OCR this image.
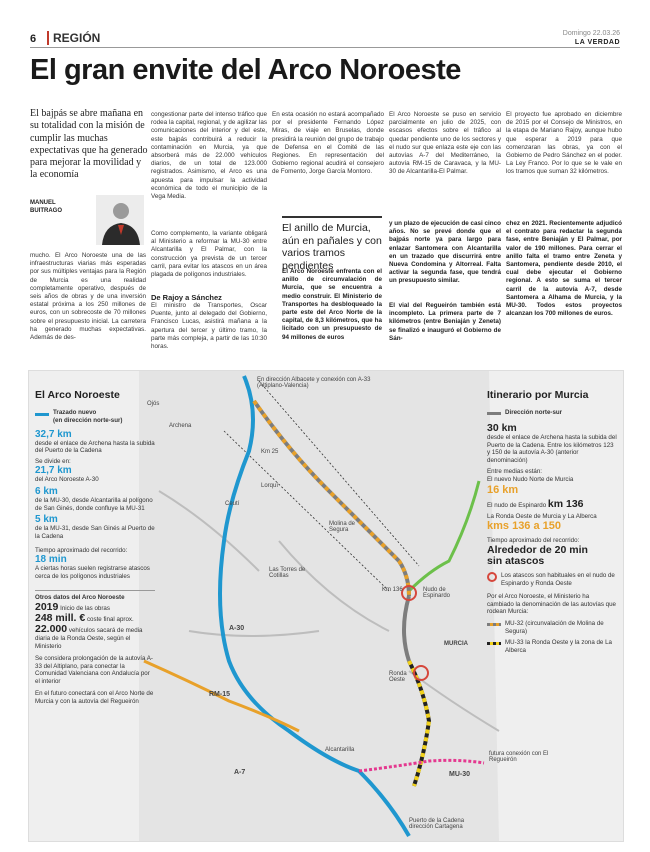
6	REGIÓN	Domingo 22.03.26
LA VERDAD
El gran envite del Arco Noroeste
El bajpás se abre mañana en su totalidad con la misión de cumplir las muchas expectativas que ha generado para mejorar la movilidad y la economía
MANUEL
BUITRAGO
mucho. El Arco Noroeste una de las infraestructuras viarias más esperadas por sus múltiples ventajas para la Región de Murcia es una realidad completamente operativo, después de seis años de obras y de una inversión estatal próxima a los 250 millones de euros, con un sobrecoste de 70 millones sobre el presupuesto inicial. La carretera ha generado muchas expectativas. Además de des-
congestionar parte del intenso tráfico que rodea la capital, regional, y de agilizar las comunicaciones del interior y del este, este bajpás contribuirá a reducir la contaminación en Murcia, ya que absorberá más de 22.000 vehículos diarios, de un total de 123.000 registrados. Asimismo, el Arco es una apuesta para impulsar la actividad económica de todo el municipio de la Vega Media.
Como complemento, la variante obligará al Ministerio a reformar la MU-30 entre Alcantarilla y El Palmar, con la construcción ya prevista de un tercer carril, para evitar los atascos en un área plagada de polígonos industriales.
De Rajoy a Sánchez
El ministro de Transportes, Óscar Puente, junto al delegado del Gobierno, Francisco Lucas, asistirá mañana a la apertura del tercer y último tramo, la parte más compleja, a partir de las 10:30 horas.
En esta ocasión no estará acompañado por el presidente Fernando López Miras, de viaje en Bruselas, donde presidirá la reunión del grupo de trabajo de Defensa en el Comité de las Regiones. En representación del Gobierno regional acudirá el consejero de Fomento, Jorge García Montoro.
El Arco Noroeste se puso en servicio parcialmente en julio de 2025, con escasos efectos sobre el tráfico al quedar pendiente uno de los sectores y el nudo sur que enlaza este eje con las autovías A-7 del Mediterráneo, la autovía RM-15 de Caravaca, y la MU-30 de Alcantarilla-El Palmar.
El proyecto fue aprobado en diciembre de 2015 por el Consejo de Ministros, en la etapa de Mariano Rajoy, aunque hubo que esperar a 2019 para que comenzaran las obras, ya con el Gobierno de Pedro Sánchez en el poder. La Ley Franco. Por lo que se le vale en los tramos que suman 32 kilómetros.
El anillo de Murcia, aún en pañales y con varios tramos pendientes
El Arco Noroeste enfrenta con el anillo de circunvalación de Murcia, que se encuentra a medio construir. El Ministerio de Transportes ha desbloqueado la parte este del Arco Norte de la capital, de 8,3 kilómetros, que ha licitado con un presupuesto de 94 millones de euros
y un plazo de ejecución de casi cinco años. No se prevé donde que el bajpás norte ya para largo para enlazar Santomera con Alcantarilla en un trazado que discurrirá entre Nueva Condomina y Altorreal. Falta activar la segunda fase, que tendrá un presupuesto similar.
El vial del Regueirón también está incompleto. La primera parte de 7 kilómetros (entre Beniaján y Zeneta) se finalizó e inauguró el Gobierno de Sán-
chez en 2021. Recientemente adjudicó el contrato para redactar la segunda fase, entre Beniaján y El Palmar, por valor de 190 millones. Para cerrar el anillo falta el tramo entre Zeneta y Santomera, pendiente desde 2010, el cual debe ejecutar el Gobierno regional. A esto se suma el tercer carril de la autovía A-7, desde Santomera a Alhama de Murcia, y la MU-30. Todos estos proyectos alcanzan los 700 millones de euros.
En dirección Albacete y conexión con A-33 (Altiplano-Valencia)
Ojós
Archena
Km 25
Lorquí
Ceutí
Molina de Segura
Las Torres de Cotillas
A-30
RM-15
Km 136	Nudo de Espinardo
MURCIA
Ronda Oeste
Alcantarilla
A-7	MU-30
futura conexión con El Regueirón
Puerto de la Cadena dirección Cartagena
El Arco Noroeste
Trazado nuevo
(en dirección norte-sur)
32,7 km
desde el enlace de Archena hasta la subida del Puerto de la Cadena
Se divide en:
21,7 km
del Arco Noroeste A-30
6 km
de la MU-30, desde Alcantarilla al polígono de San Ginés, donde confluye la MU-31
5 km
de la MU-31, desde San Ginés al Puerto de la Cadena
Tiempo aproximado del recorrido:
18 min
A ciertas horas suelen registrarse atascos cerca de los polígonos industriales
Otros datos del Arco Noroeste
2019 Inicio de las obras
248 mill. € coste final aprox.
22.000 vehículos sacará de media diaria de la Ronda Oeste, según el Ministerio
Se considera prolongación de la autovía A-33 del Altiplano, para conectar la Comunidad Valenciana con Andalucía por el interior
En el futuro conectará con el Arco Norte de Murcia y con la autovía del Regueirón
Itinerario por Murcia
Dirección norte-sur
30 km
desde el enlace de Archena hasta la subida del Puerto de la Cadena. Entre los kilómetros 123 y 150 de la autovía A-30 (anterior denominación)
Entre medias están:
El nuevo Nudo Norte de Murcia
16 km
El nudo de Espinardo km 136
La Ronda Oeste de Murcia y La Alberca
kms 136 a 150
Tiempo aproximado del recorrido:
Alrededor de 20 min
sin atascos
Los atascos son habituales en el nudo de Espinardo y Ronda Oeste
Por el Arco Noroeste, el Ministerio ha cambiado la denominación de las autovías que rodean Murcia:
MU-32 (circunvalación de Molina de Segura)
MU-33 la Ronda Oeste y la zona de La Alberca
